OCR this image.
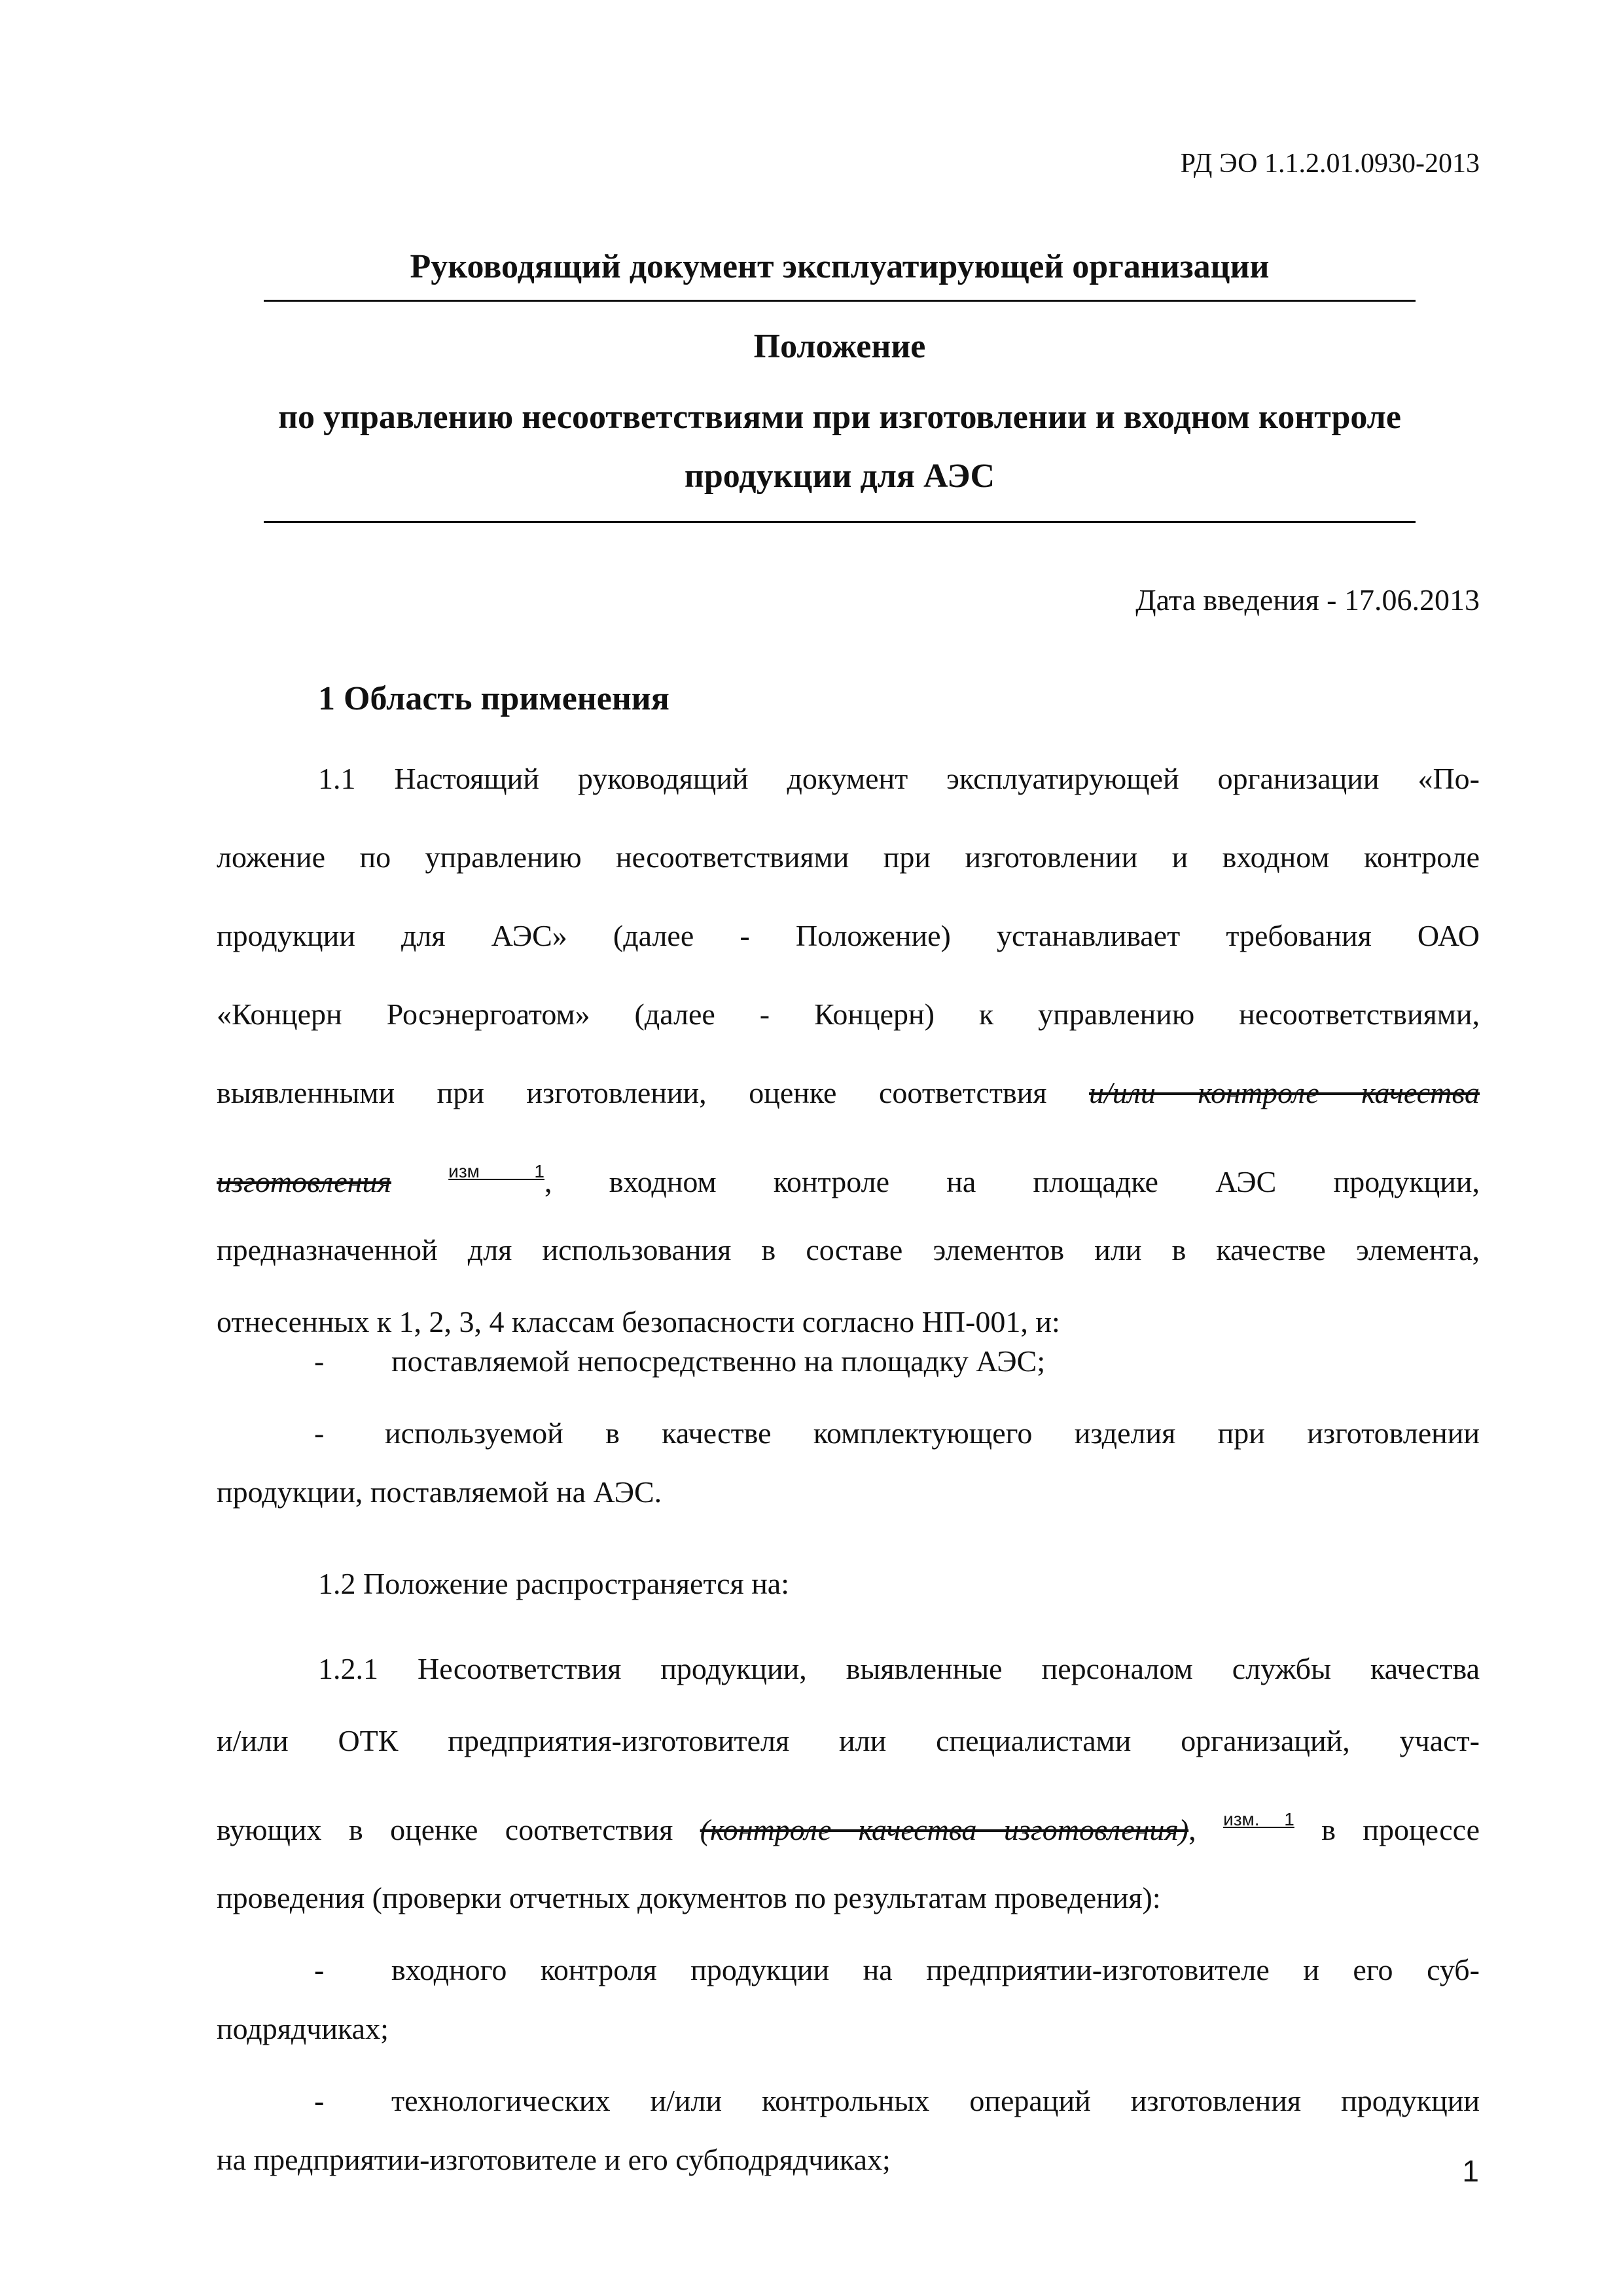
РД ЭО 1.1.2.01.0930-2013
Руководящий документ эксплуатирующей организации
Положение
по управлению несоответствиями при изготовлении и входном контроле
продукции для АЭС
Дата введения - 17.06.2013
1 Область применения
1.1 Настоящий руководящий документ эксплуатирующей организации «По-
ложение по управлению несоответствиями при изготовлении и входном контроле
продукции для АЭС» (далее - Положение) устанавливает требования ОАО
«Концерн Росэнергоатом» (далее - Концерн) к управлению несоответствиями,
выявленными при изготовлении, оценке соответствия и/или контроле качества
изготовления	$^{изм 1}$, входном контроле на площадке АЭС продукции,
предназначенной для использования в составе элементов или в качестве элемента,
отнесенных к 1, 2, 3, 4 классам безопасности согласно НП-001, и:
- поставляемой непосредственно на площадку АЭС;
- используемой в качестве комплектующего изделия при изготовлении
продукции, поставляемой на АЭС.
1.2 Положение распространяется на:
1.2.1 Несоответствия продукции, выявленные персоналом службы качества
и/или ОТК предприятия-изготовителя или специалистами организаций, участ-
вующих в оценке соответствия (контроле качества изготовления), $^{изм. 1}$ в процессе
проведения (проверки отчетных документов по результатам проведения):
- входного контроля продукции на предприятии-изготовителе и его суб-
подрядчиках;
- технологических и/или контрольных операций изготовления продукции
на предприятии-изготовителе и его субподрядчиках;	1
